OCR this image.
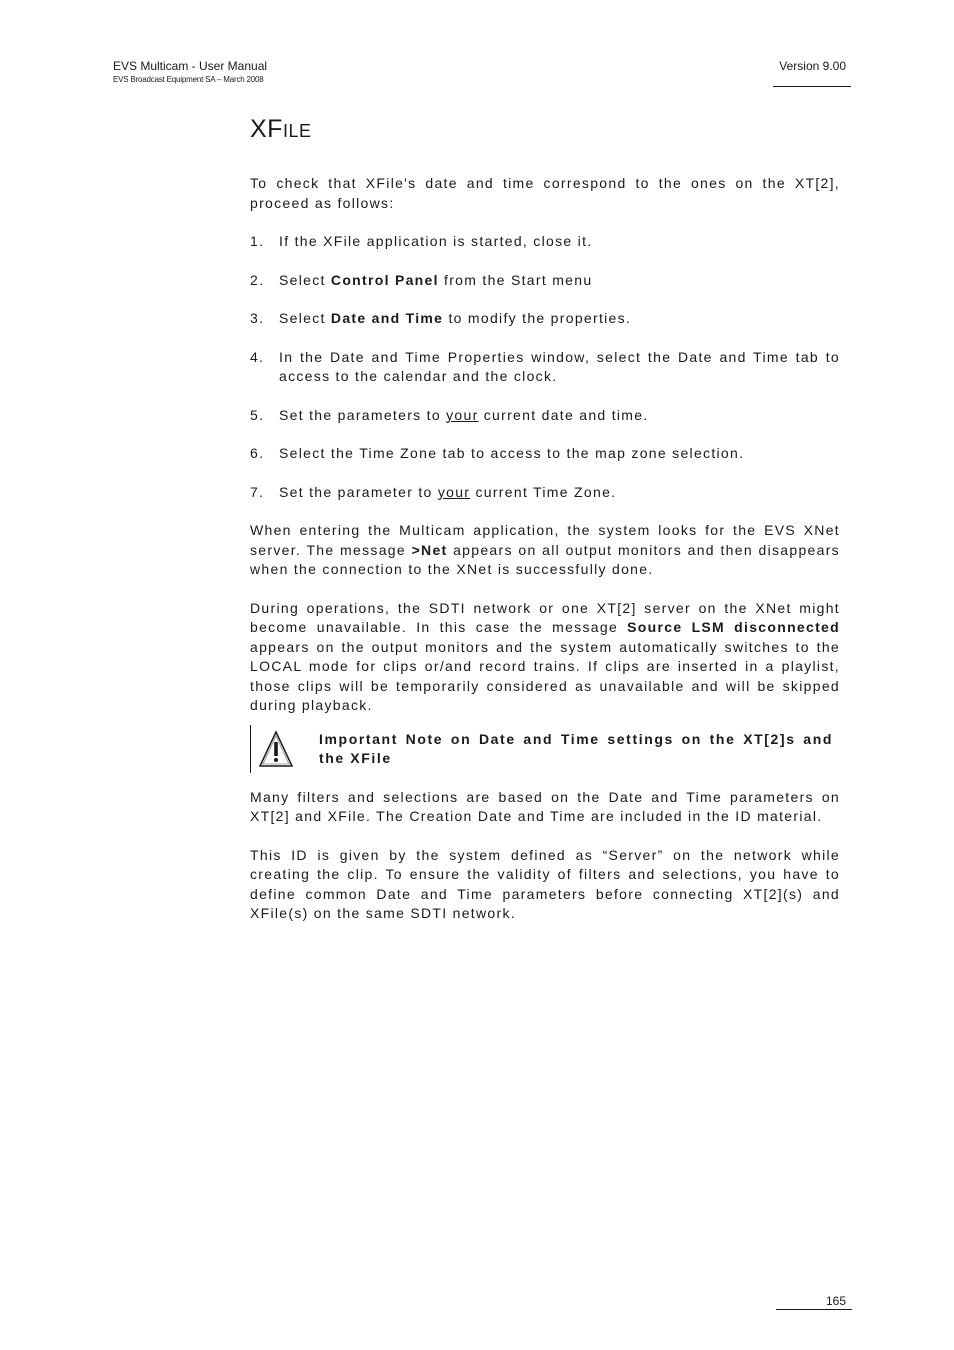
EVS Multicam - User Manual
EVS Broadcast Equipment SA – March 2008
Version 9.00
XFILE

To check that XFile's date and time correspond to the ones on the XT[2], proceed as follows:

1. If the XFile application is started, close it.
2. Select Control Panel from the Start menu
3. Select Date and Time to modify the properties.
4. In the Date and Time Properties window, select the Date and Time tab to access to the calendar and the clock.
5. Set the parameters to your current date and time.
6. Select the Time Zone tab to access to the map zone selection.
7. Set the parameter to your current Time Zone.

When entering the Multicam application, the system looks for the EVS XNet server. The message >Net appears on all output monitors and then disappears when the connection to the XNet is successfully done.

During operations, the SDTI network or one XT[2] server on the XNet might become unavailable. In this case the message Source LSM disconnected appears on the output monitors and the system automatically switches to the LOCAL mode for clips or/and record trains. If clips are inserted in a playlist, those clips will be temporarily considered as unavailable and will be skipped during playback.

Important Note on Date and Time settings on the XT[2]s and the XFile

Many filters and selections are based on the Date and Time parameters on XT[2] and XFile. The Creation Date and Time are included in the ID material.

This ID is given by the system defined as “Server” on the network while creating the clip. To ensure the validity of filters and selections, you have to define common Date and Time parameters before connecting XT[2](s) and XFile(s) on the same SDTI network.

165
